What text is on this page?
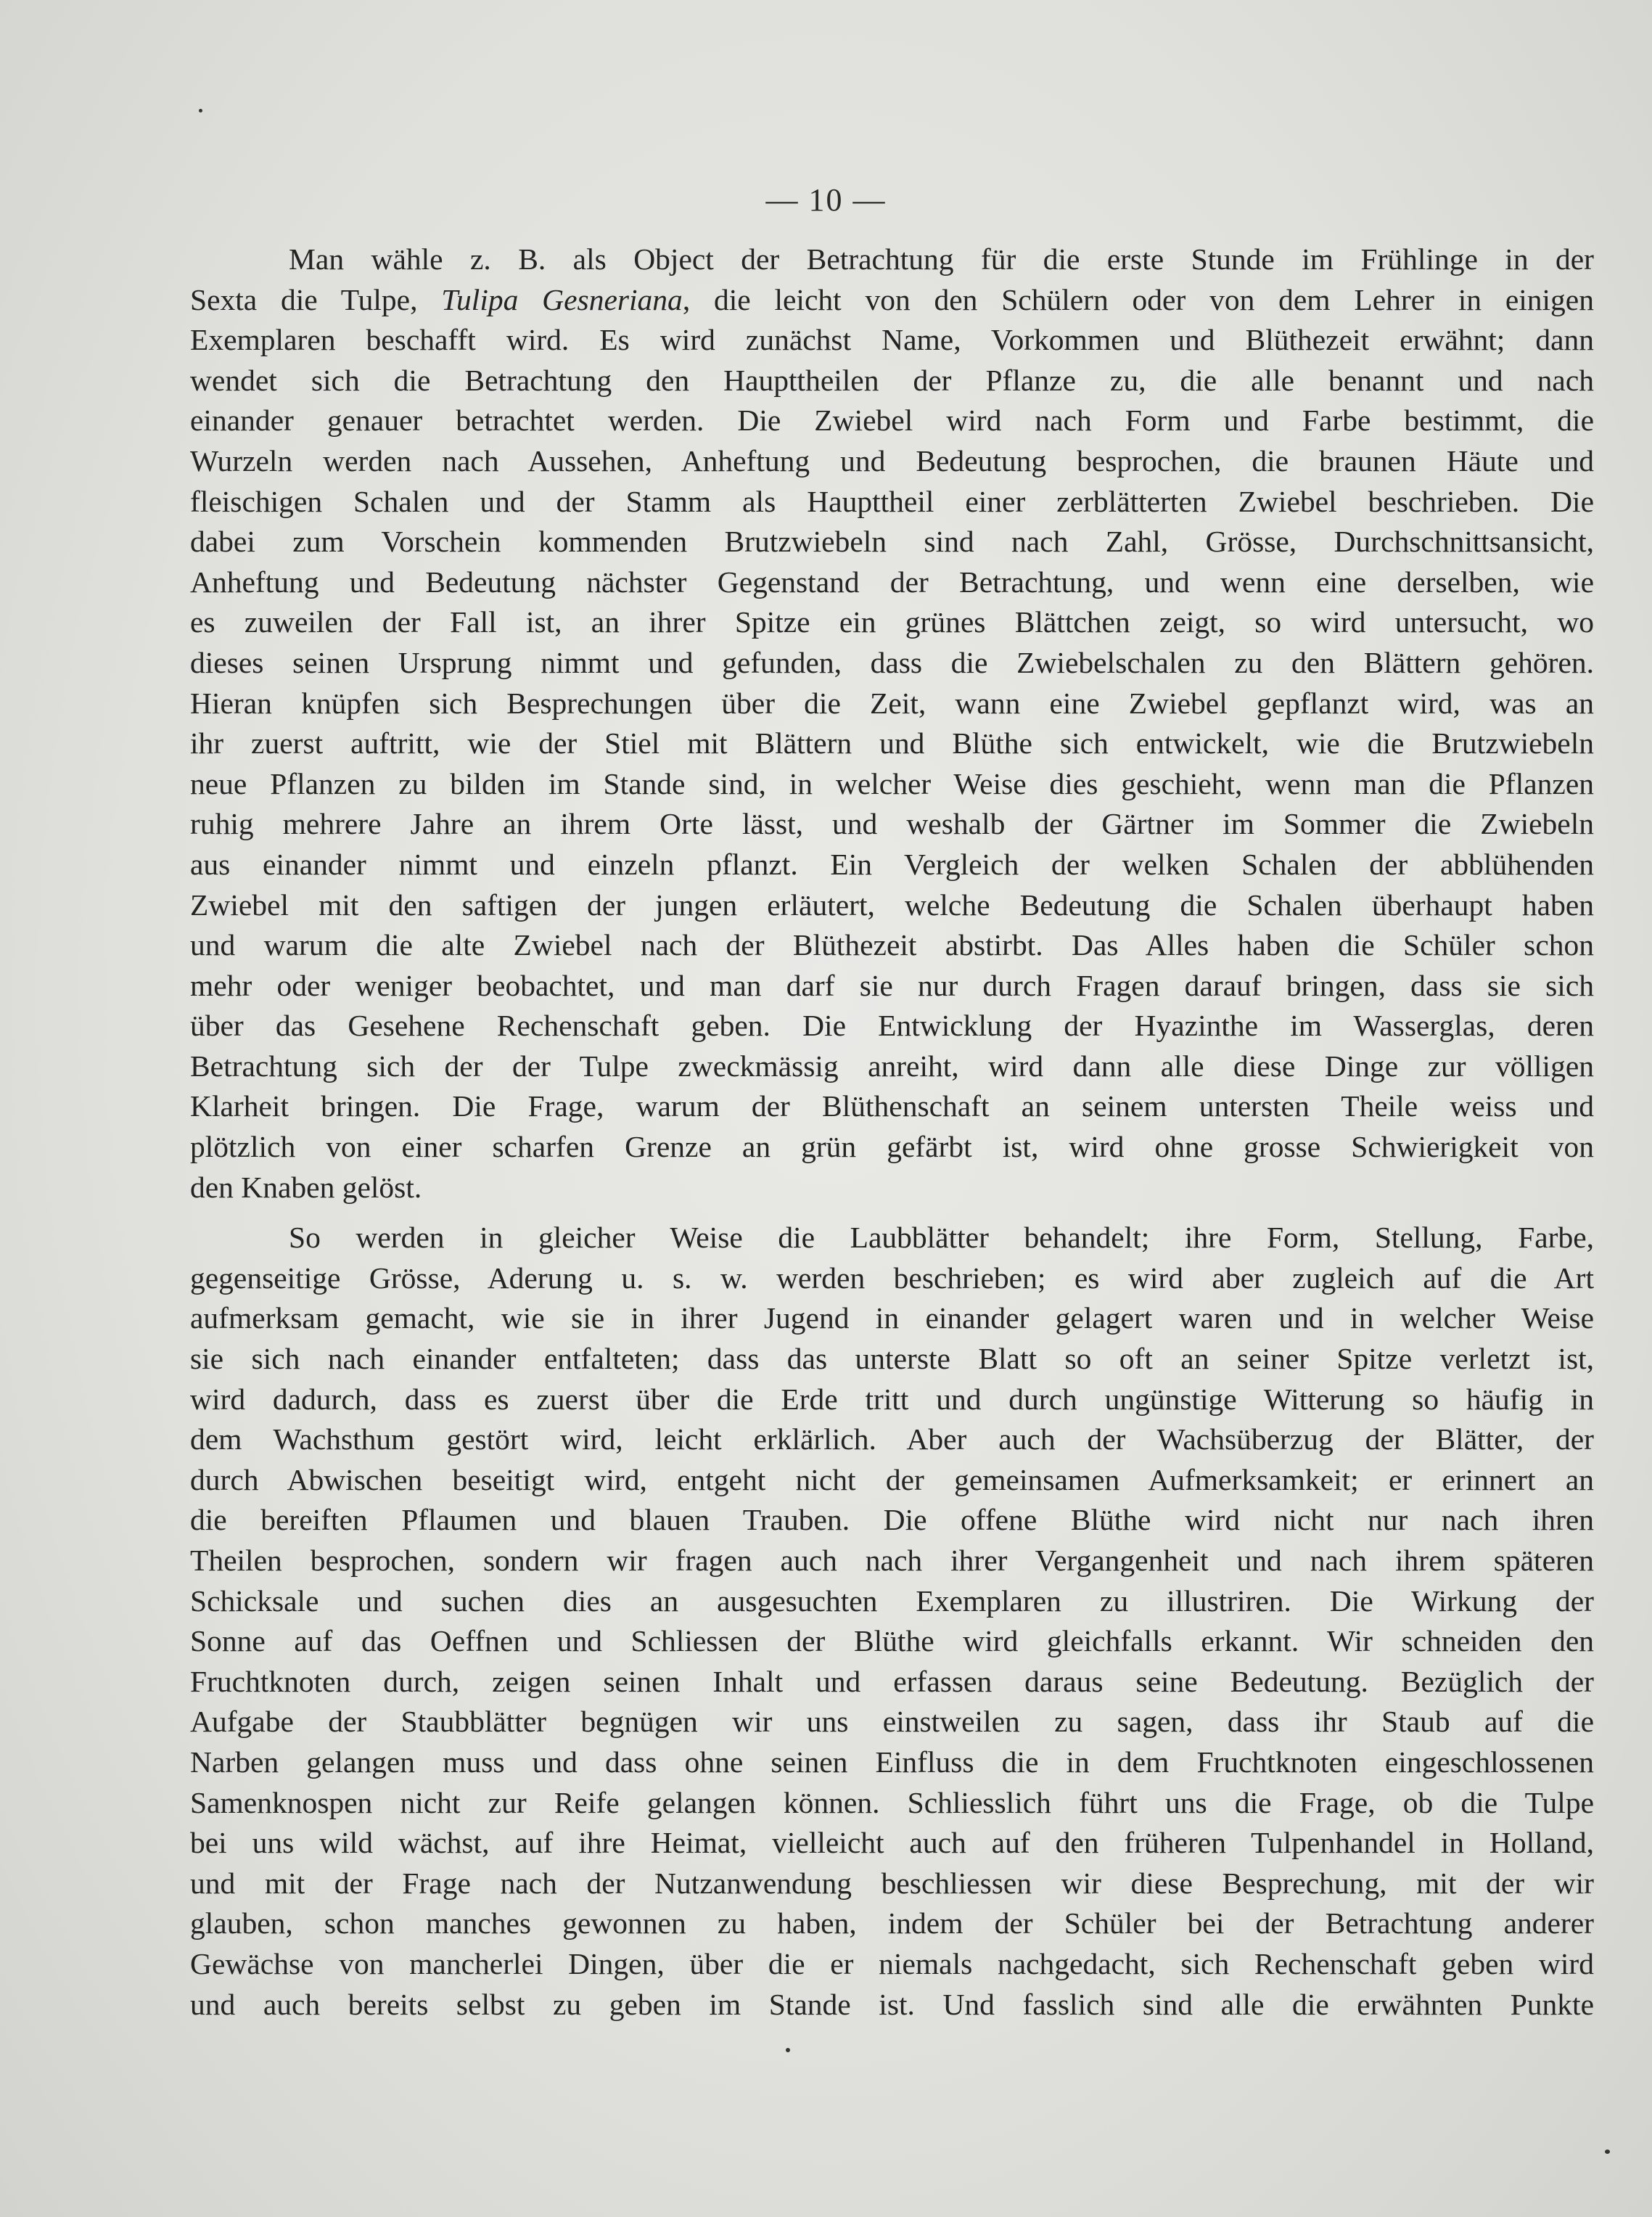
— 10 —
Man wähle z. B. als Object der Betrachtung für die erste Stunde im Frühlinge in der
Sexta die Tulpe, Tulipa Gesneriana, die leicht von den Schülern oder von dem Lehrer in einigen
Exemplaren beschafft wird. Es wird zunächst Name, Vorkommen und Blüthezeit erwähnt; dann
wendet sich die Betrachtung den Haupttheilen der Pflanze zu, die alle benannt und nach
einander genauer betrachtet werden. Die Zwiebel wird nach Form und Farbe bestimmt, die
Wurzeln werden nach Aussehen, Anheftung und Bedeutung besprochen, die braunen Häute und
fleischigen Schalen und der Stamm als Haupttheil einer zerblätterten Zwiebel beschrieben. Die
dabei zum Vorschein kommenden Brutzwiebeln sind nach Zahl, Grösse, Durchschnittsansicht,
Anheftung und Bedeutung nächster Gegenstand der Betrachtung, und wenn eine derselben, wie
es zuweilen der Fall ist, an ihrer Spitze ein grünes Blättchen zeigt, so wird untersucht, wo
dieses seinen Ursprung nimmt und gefunden, dass die Zwiebelschalen zu den Blättern gehören.
Hieran knüpfen sich Besprechungen über die Zeit, wann eine Zwiebel gepflanzt wird, was an
ihr zuerst auftritt, wie der Stiel mit Blättern und Blüthe sich entwickelt, wie die Brutzwiebeln
neue Pflanzen zu bilden im Stande sind, in welcher Weise dies geschieht, wenn man die Pflanzen
ruhig mehrere Jahre an ihrem Orte lässt, und weshalb der Gärtner im Sommer die Zwiebeln
aus einander nimmt und einzeln pflanzt. Ein Vergleich der welken Schalen der abblühenden
Zwiebel mit den saftigen der jungen erläutert, welche Bedeutung die Schalen überhaupt haben
und warum die alte Zwiebel nach der Blüthezeit abstirbt. Das Alles haben die Schüler schon
mehr oder weniger beobachtet, und man darf sie nur durch Fragen darauf bringen, dass sie sich
über das Gesehene Rechenschaft geben. Die Entwicklung der Hyazinthe im Wasserglas, deren
Betrachtung sich der der Tulpe zweckmässig anreiht, wird dann alle diese Dinge zur völligen
Klarheit bringen. Die Frage, warum der Blüthenschaft an seinem untersten Theile weiss und
plötzlich von einer scharfen Grenze an grün gefärbt ist, wird ohne grosse Schwierigkeit von
den Knaben gelöst.
So werden in gleicher Weise die Laubblätter behandelt; ihre Form, Stellung, Farbe,
gegenseitige Grösse, Aderung u. s. w. werden beschrieben; es wird aber zugleich auf die Art
aufmerksam gemacht, wie sie in ihrer Jugend in einander gelagert waren und in welcher Weise
sie sich nach einander entfalteten; dass das unterste Blatt so oft an seiner Spitze verletzt ist,
wird dadurch, dass es zuerst über die Erde tritt und durch ungünstige Witterung so häufig in
dem Wachsthum gestört wird, leicht erklärlich. Aber auch der Wachsüberzug der Blätter, der
durch Abwischen beseitigt wird, entgeht nicht der gemeinsamen Aufmerksamkeit; er erinnert an
die bereiften Pflaumen und blauen Trauben. Die offene Blüthe wird nicht nur nach ihren
Theilen besprochen, sondern wir fragen auch nach ihrer Vergangenheit und nach ihrem späteren
Schicksale und suchen dies an ausgesuchten Exemplaren zu illustriren. Die Wirkung der
Sonne auf das Oeffnen und Schliessen der Blüthe wird gleichfalls erkannt. Wir schneiden den
Fruchtknoten durch, zeigen seinen Inhalt und erfassen daraus seine Bedeutung. Bezüglich der
Aufgabe der Staubblätter begnügen wir uns einstweilen zu sagen, dass ihr Staub auf die
Narben gelangen muss und dass ohne seinen Einfluss die in dem Fruchtknoten eingeschlossenen
Samenknospen nicht zur Reife gelangen können. Schliesslich führt uns die Frage, ob die Tulpe
bei uns wild wächst, auf ihre Heimat, vielleicht auch auf den früheren Tulpenhandel in Holland,
und mit der Frage nach der Nutzanwendung beschliessen wir diese Besprechung, mit der wir
glauben, schon manches gewonnen zu haben, indem der Schüler bei der Betrachtung anderer
Gewächse von mancherlei Dingen, über die er niemals nachgedacht, sich Rechenschaft geben wird
und auch bereits selbst zu geben im Stande ist. Und fasslich sind alle die erwähnten Punkte
